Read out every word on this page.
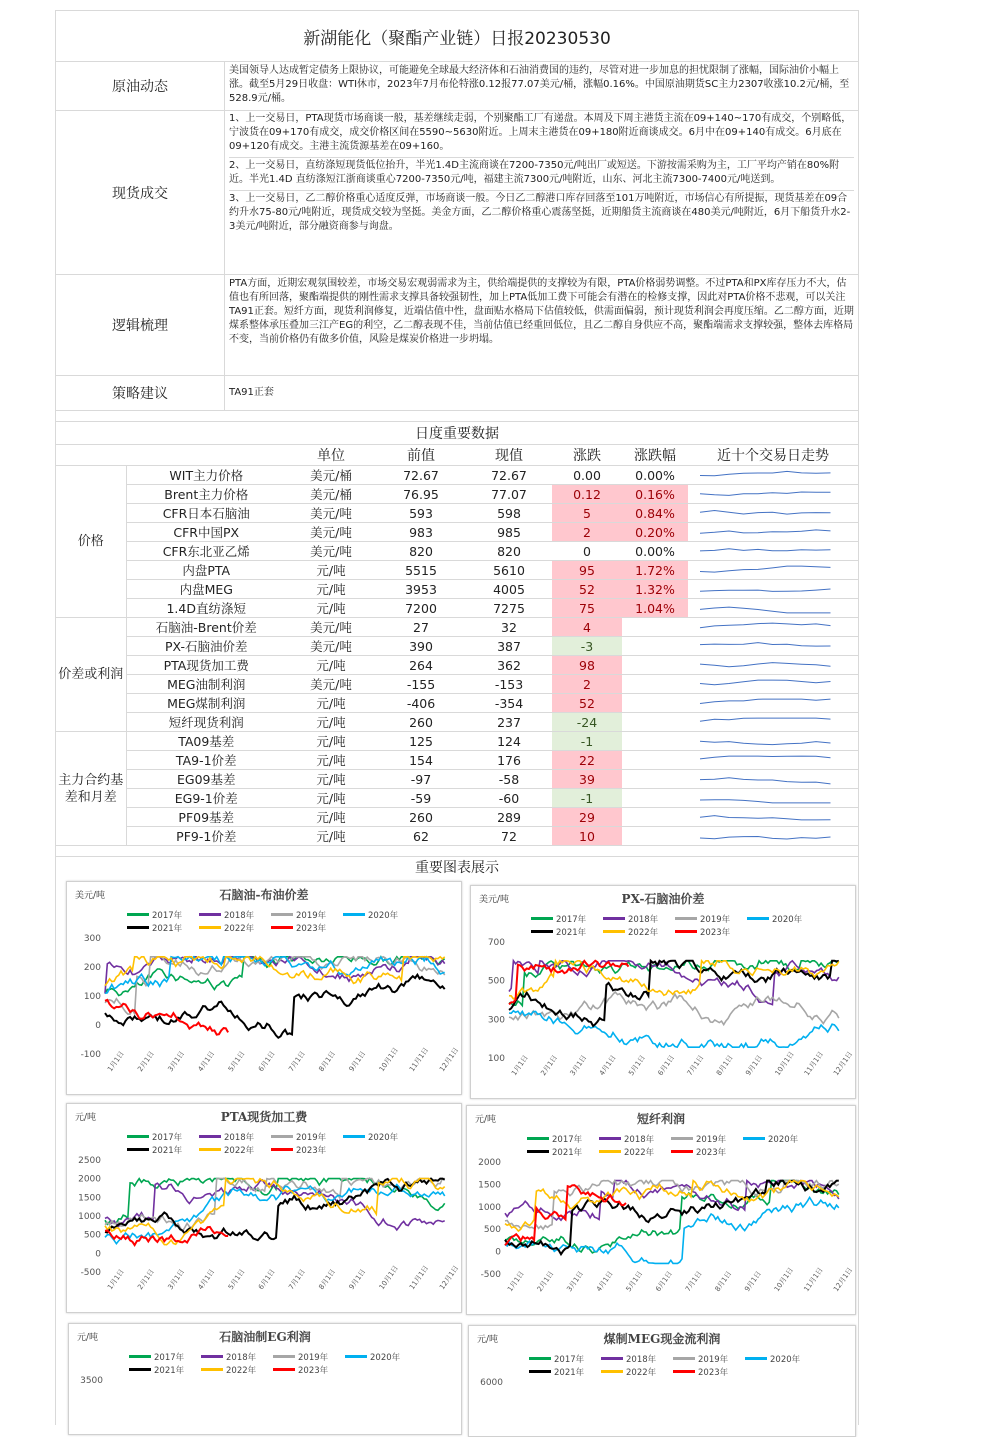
新湖能化（聚酯产业链）日报20230530
原油动态
美国领导人达成暂定债务上限协议，可能避免全球最大经济体和石油消费国的违约，尽管对进一步加息的担忧限制了涨幅，国际油价小幅上涨。截至5月29日收盘：WTI休市，2023年7月布伦特涨0.12报77.07美元/桶，涨幅0.16%。中国原油期货SC主力2307收涨10.2元/桶，至528.9元/桶。
现货成交
1、上一交易日，PTA现货市场商谈一般，基差继续走弱，个别聚酯工厂有递盘。本周及下周主港货主流在09+140~170有成交，个别略低，宁波货在09+170有成交，成交价格区间在5590~5630附近。上周末主港货在09+180附近商谈成交。6月中在09+140有成交。6月底在09+120有成交。主港主流货源基差在09+160。
2、上一交易日，直纺涤短现货低位抬升，半光1.4D主流商谈在7200-7350元/吨出厂或短送。下游按需采购为主，工厂平均产销在80%附近。半光1.4D 直纺涤短江浙商谈重心7200-7350元/吨，福建主流7300元/吨附近，山东、河北主流7300-7400元/吨送到。
3、上一交易日，乙二醇价格重心适度反弹，市场商谈一般。今日乙二醇港口库存回落至101万吨附近，市场信心有所提振，现货基差在09合约升水75-80元/吨附近，现货成交较为坚挺。美金方面，乙二醇价格重心震荡坚挺，近期船货主流商谈在480美元/吨附近，6月下船货升水2-3美元/吨附近，部分融资商参与询盘。
逻辑梳理
PTA方面，近期宏观氛围较差，市场交易宏观弱需求为主，供给端提供的支撑较为有限，PTA价格弱势调整。不过PTA和PX库存压力不大，估值也有所回落，聚酯端提供的刚性需求支撑具备较强韧性，加上PTA低加工费下可能会有潜在的检修支撑，因此对PTA价格不悲观，可以关注TA91正套。短纤方面，现货利润修复，近端估值中性，盘面贴水格局下估值较低，供需面偏弱，预计现货利润会再度压缩。乙二醇方面，近期煤系整体承压叠加三江产EG的利空，乙二醇表现不佳，当前估值已经重回低位，且乙二醇自身供应不高，聚酯端需求支撑较强，整体去库格局不变，当前价格仍有做多价值，风险是煤炭价格进一步坍塌。
策略建议	TA91正套
日度重要数据
		单位	前值	现值	涨跌	涨跌幅	近十个交易日走势
价格	WIT主力价格	美元/桶	72.67	72.67	0.00	0.00%	

	Brent主力价格	美元/桶	76.95	77.07	0.12	0.16%	

	CFR日本石脑油	美元/吨	593	598	5	0.84%	

	CFR中国PX	美元/吨	983	985	2	0.20%	

	CFR东北亚乙烯	美元/吨	820	820	0	0.00%	

	内盘PTA	元/吨	5515	5610	95	1.72%	

	内盘MEG	元/吨	3953	4005	52	1.32%	

	1.4D直纺涤短	元/吨	7200	7275	75	1.04%	

价差或利润	石脑油-Brent价差	美元/吨	27	32	4		

	PX-石脑油价差	美元/吨	390	387	-3		

	PTA现货加工费	元/吨	264	362	98		

	MEG油制利润	美元/吨	-155	-153	2		

	MEG煤制利润	元/吨	-406	-354	52		

	短纤现货利润	元/吨	260	237	-24		

主力合约基差和月差	TA09基差	元/吨	125	124	-1		

	TA9-1价差	元/吨	154	176	22		

	EG09基差	元/吨	-97	-58	39		

	EG9-1价差	元/吨	-59	-60	-1		

	PF09基差	元/吨	260	289	29		

	PF9-1价差	元/吨	62	72	10		
重要图表展示
石脑油-布油价差
美元/吨
2017年	2018年	2019年	2020年
2021年	2022年	2023年
300
200
100
0
-100 1月1日 2月1日 3月1日 4月1日 5月1日 6月1日 7月1日 8月1日 9月1日 10月1日 11月1日 12月1日
PX-石脑油价差
美元/吨
2017年	2018年	2019年	2020年
2021年	2022年	2023年
700
500
300
100 1月1日 2月1日 3月1日 4月1日 5月1日 6月1日 7月1日 8月1日 9月1日 10月1日 11月1日 12月1日
PTA现货加工费
元/吨
2017年	2018年	2019年	2020年
2021年	2022年	2023年
2500
2000
1500
1000
500
0
-500 1月1日 2月1日 3月1日 4月1日 5月1日 6月1日 7月1日 8月1日 9月1日 10月1日 11月1日 12月1日
短纤利润
元/吨
2017年	2018年	2019年	2020年
2021年	2022年	2023年
2000
1500
1000
500
0
-500 1月1日 2月1日 3月1日 4月1日 5月1日 6月1日 7月1日 8月1日 9月1日 10月1日 11月1日 12月1日
石脑油制EG利润
元/吨
2017年	2018年	2019年	2020年
2021年	2022年	2023年
3500
煤制MEG现金流利润
元/吨
2017年	2018年	2019年	2020年
2021年	2022年	2023年
6000
